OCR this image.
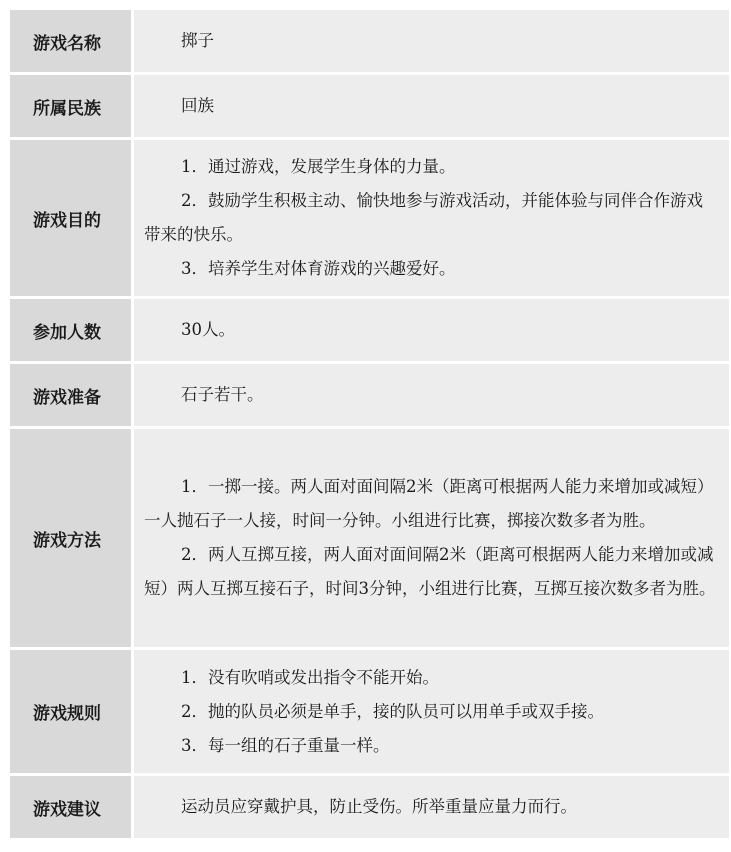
游戏名称	掷子

所属民族	回族

游戏目的	1．通过游戏，发展学生身体的力量。

2．鼓励学生积极主动、愉快地参与游戏活动，并能体验与同伴合作游戏带来的快乐。

3．培养学生对体育游戏的兴趣爱好。

参加人数	30人。

游戏准备	石子若干。

游戏方法	1．一掷一接。两人面对面间隔2米（距离可根据两人能力来增加或减短）一人抛石子一人接，时间一分钟。小组进行比赛，掷接次数多者为胜。

2．两人互掷互接，两人面对面间隔2米（距离可根据两人能力来增加或减短）两人互掷互接石子，时间3分钟，小组进行比赛，互掷互接次数多者为胜。

游戏规则	1．没有吹哨或发出指令不能开始。

2．抛的队员必须是单手，接的队员可以用单手或双手接。

3．每一组的石子重量一样。

游戏建议	运动员应穿戴护具，防止受伤。所举重量应量力而行。
